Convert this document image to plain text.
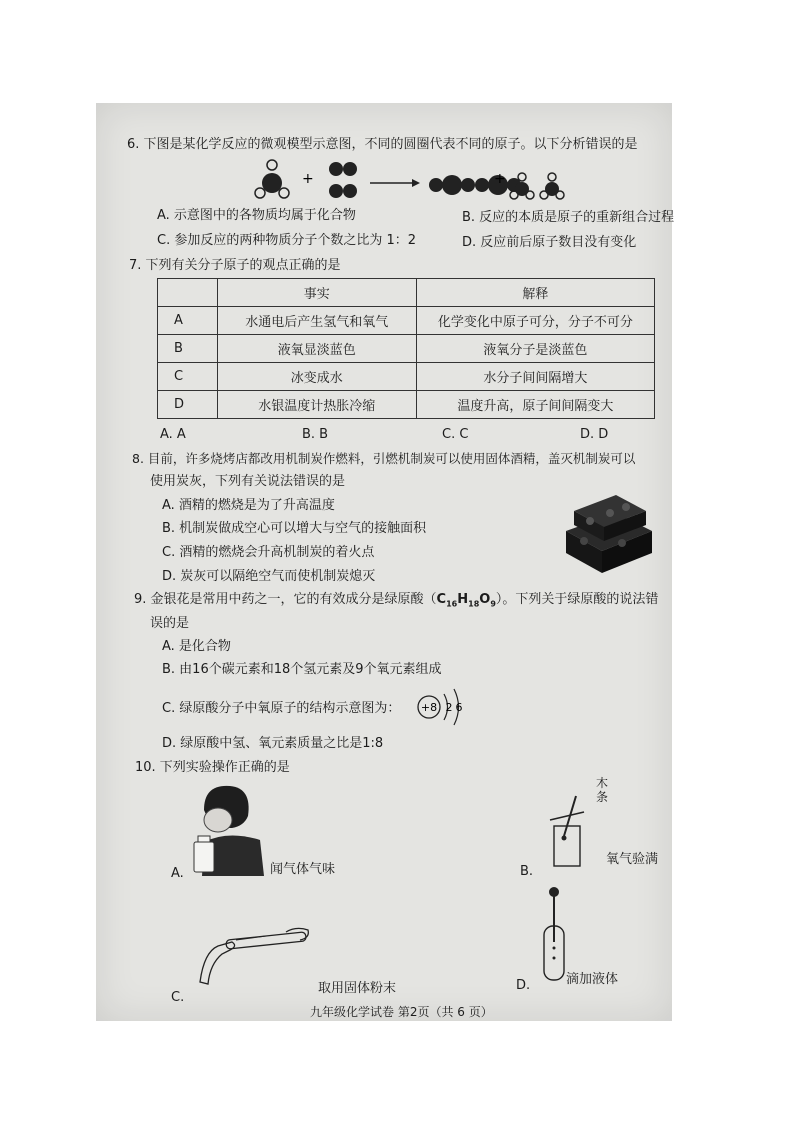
6. 下图是某化学反应的微观模型示意图，不同的圆圈代表不同的原子。以下分析错误的是
+	+
A. 示意图中的各物质均属于化合物	B. 反应的本质是原子的重新组合过程
C. 参加反应的两种物质分子个数之比为 1：2	D. 反应前后原子数目没有变化
7. 下列有关分子原子的观点正确的是
	事实	解释
A	水通电后产生氢气和氧气	化学变化中原子可分，分子不可分
B	液氧显淡蓝色	液氧分子是淡蓝色
C	冰变成水	水分子间间隔增大
D	水银温度计热胀冷缩	温度升高，原子间间隔变大
A. A	B. B	C. C	D. D
8. 目前，许多烧烤店都改用机制炭作燃料，引燃机制炭可以使用固体酒精，盖灭机制炭可以
使用炭灰，下列有关说法错误的是
A. 酒精的燃烧是为了升高温度
B. 机制炭做成空心可以增大与空气的接触面积
C. 酒精的燃烧会升高机制炭的着火点
D. 炭灰可以隔绝空气而使机制炭熄灭
9. 金银花是常用中药之一，它的有效成分是绿原酸$(C_{16}H_{18}O_9)$。下列关于绿原酸的说法错
误的是
A. 是化合物
B. 由16个碳元素和18个氢元素及9个氧元素组成
C. 绿原酸分子中氧原子的结构示意图为： +8 2 6
D. 绿原酸中氢、氧元素质量之比是1:8
10. 下列实验操作正确的是
A.	闻气体气味
木
条
B.
氧气验满
C.
取用固体粉末	D.	滴加液体
九年级化学试卷 第2页（共 6 页）
